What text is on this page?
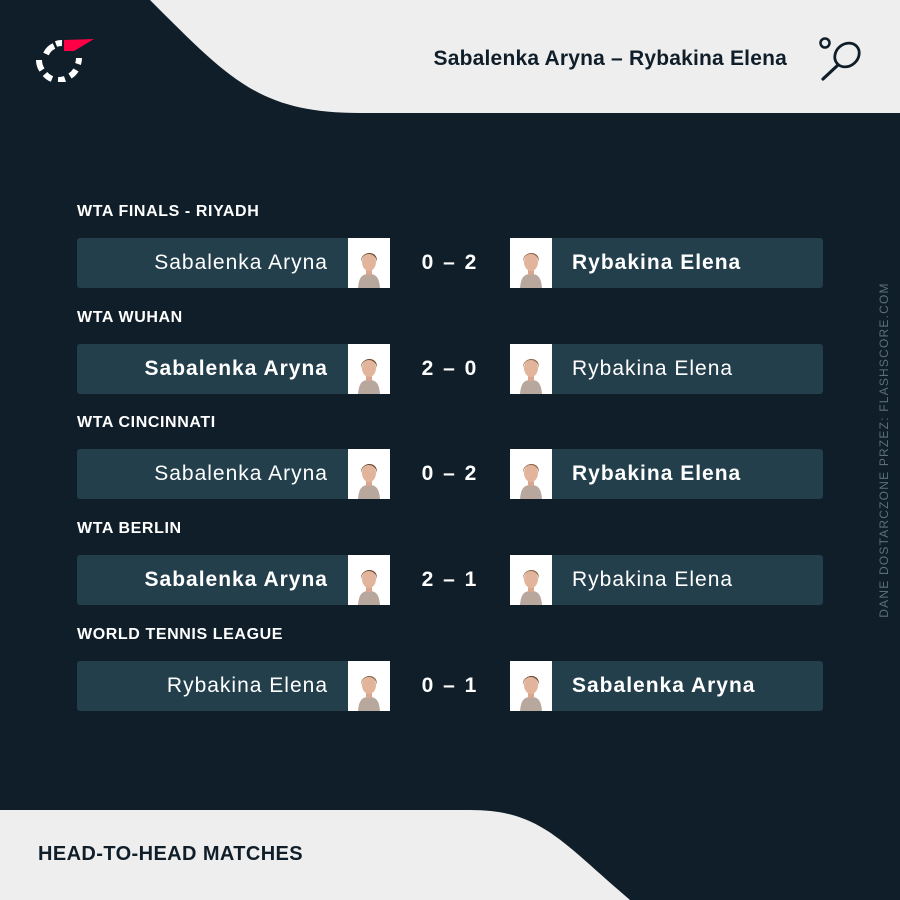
Sabalenka Aryna – Rybakina Elena
WTA FINALS - RIYADH
Sabalenka Aryna	0 – 2	Rybakina Elena
WTA WUHAN
Sabalenka Aryna	2 – 0	Rybakina Elena
WTA CINCINNATI
Sabalenka Aryna	0 – 2	Rybakina Elena
WTA BERLIN
Sabalenka Aryna	2 – 1	Rybakina Elena
WORLD TENNIS LEAGUE
Rybakina Elena	0 – 1	Sabalenka Aryna
DANE DOSTARCZONE PRZEZ: FLASHSCORE.COM
HEAD-TO-HEAD MATCHES
